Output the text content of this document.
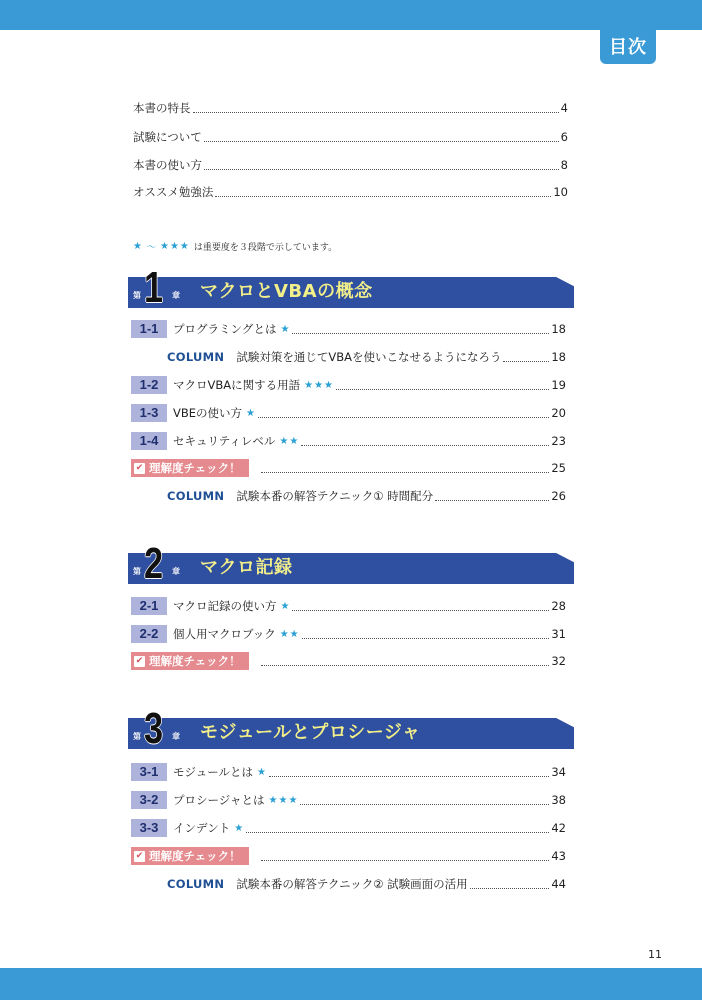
目次
本書の特長	4
試験について	6
本書の使い方	8
オススメ勉強法	10
★ 〜 ★★★ は重要度を３段階で示しています。
第 1 章 マクロとVBAの概念
1-1	プログラミングとは ★	18
COLUMN 試験対策を通じてVBAを使いこなせるようになろう	18
1-2	マクロVBAに関する用語 ★★★	19
1-3	VBEの使い方 ★	20
1-4	セキュリティレベル ★★	23
✔ 理解度チェック！	25
COLUMN 試験本番の解答テクニック① 時間配分	26
第 2 章 マクロ記録
2-1	マクロ記録の使い方 ★	28
2-2	個人用マクロブック ★★	31
✔ 理解度チェック！	32
第 3 章 モジュールとプロシージャ
3-1	モジュールとは ★	34
3-2	プロシージャとは ★★★	38
3-3	インデント ★	42
✔ 理解度チェック！	43
COLUMN 試験本番の解答テクニック② 試験画面の活用	44
11
